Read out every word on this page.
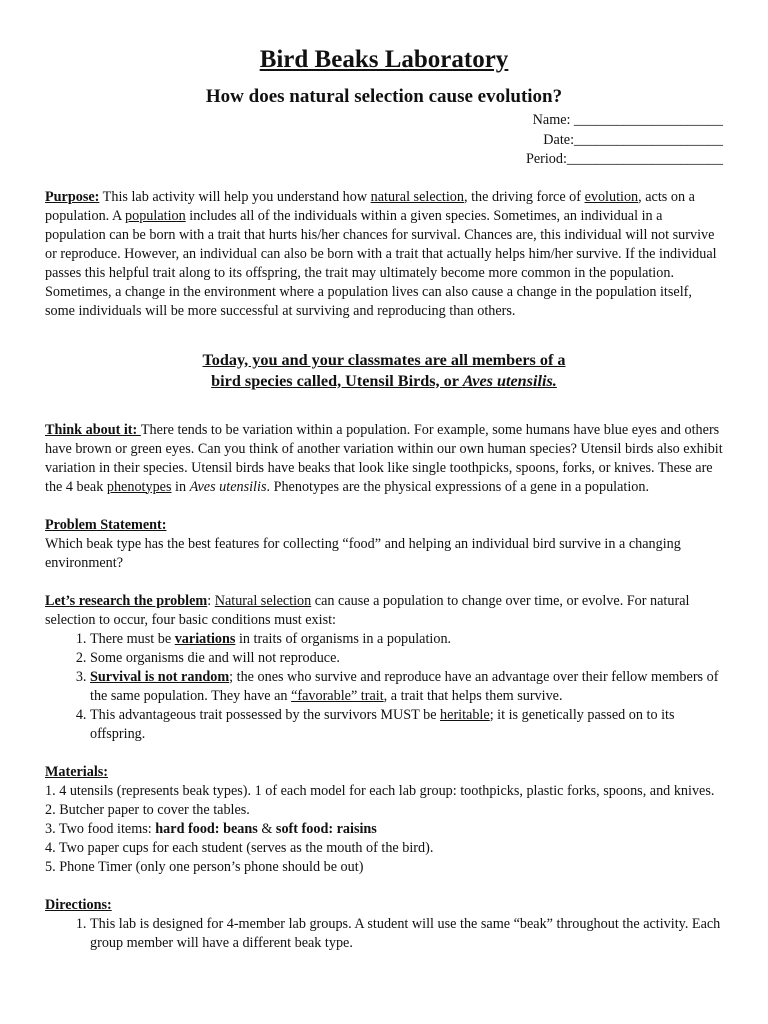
Bird Beaks Laboratory

How does natural selection cause evolution?

Name: _____________________
Date:_____________________
Period:______________________

Purpose: This lab activity will help you understand how natural selection, the driving force of evolution, acts on a population. A population includes all of the individuals within a given species. Sometimes, an individual in a population can be born with a trait that hurts his/her chances for survival. Chances are, this individual will not survive or reproduce. However, an individual can also be born with a trait that actually helps him/her survive. If the individual passes this helpful trait along to its offspring, the trait may ultimately become more common in the population. Sometimes, a change in the environment where a population lives can also cause a change in the population itself, some individuals will be more successful at surviving and reproducing than others.

Today, you and your classmates are all members of a
bird species called, Utensil Birds, or Aves utensilis.

Think about it: There tends to be variation within a population. For example, some humans have blue eyes and others have brown or green eyes. Can you think of another variation within our own human species? Utensil birds also exhibit variation in their species. Utensil birds have beaks that look like single toothpicks, spoons, forks, or knives. These are the 4 beak phenotypes in Aves utensilis. Phenotypes are the physical expressions of a gene in a population.

Problem Statement:

Which beak type has the best features for collecting “food” and helping an individual bird survive in a changing environment?

Let’s research the problem: Natural selection can cause a population to change over time, or evolve. For natural selection to occur, four basic conditions must exist:

1. There must be variations in traits of organisms in a population.
2. Some organisms die and will not reproduce.
3. Survival is not random; the ones who survive and reproduce have an advantage over their fellow members of the same population. They have an “favorable” trait, a trait that helps them survive.
4. This advantageous trait possessed by the survivors MUST be heritable; it is genetically passed on to its offspring.

Materials:

1. 4 utensils (represents beak types). 1 of each model for each lab group: toothpicks, plastic forks, spoons, and knives.

2. Butcher paper to cover the tables.

3. Two food items: hard food: beans & soft food: raisins

4. Two paper cups for each student (serves as the mouth of the bird).

5. Phone Timer (only one person’s phone should be out)

Directions:

1. This lab is designed for 4-member lab groups. A student will use the same “beak” throughout the activity. Each group member will have a different beak type.
